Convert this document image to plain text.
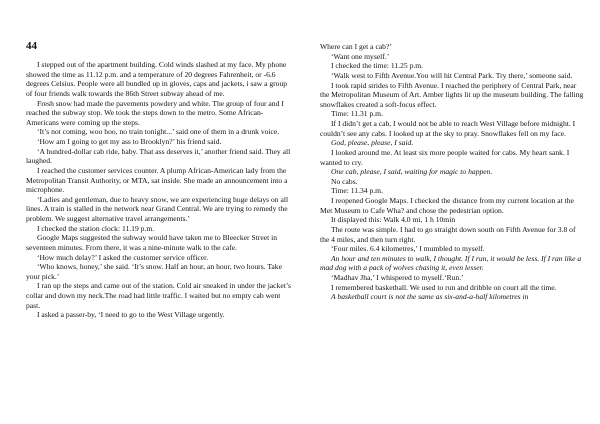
44

I stepped out of the apartment building. Cold winds slashed at my face. My phone showed the time as 11.12 p.m. and a temperature of 20 degrees Fahrenheit, or -6.6 degrees Celsius. People were all bundled up in gloves, caps and jackets, i saw a group of four friends walk towards the 86th Street subway ahead of me.

Fresh snow had made the pavements powdery and white. The group of four and I reached the subway stop. We took the steps down to the metro. Some African-Americans were coming up the steps.

‘It’s not coming, woo hoo, no train tonight...’ said one of them in a drunk voice.

‘How am I going to get my ass to Brooklyn?’ his friend said.

‘A hundred-dollar cab ride, baby. That ass deserves it,’ another friend said. They all laughed.

I reached the customer services counter. A plump African-American lady from the Metropolitan Transit Authority, or MTA, sat inside. She made an announcement into a microphone.

‘Ladies and gentleman, due to heavy snow, we are experiencing huge delays on all lines. A train is stalled in the network near Grand Central. We are trying to remedy the problem. We suggest alternative travel arrangements.’

I checked the station clock: 11.19 p.m.

Google Maps suggested the subway would have taken me to Bleecker Street in seventeen minutes. From there, it was a nine-minute walk to the cafe.

‘How much delay?’ I asked the customer service officer.

‘Who knows, honey,’ she said. ‘It’s snow. Half an hour, an hour, two hours. Take your pick.’

I ran up the steps and came out of the station. Cold air sneaked in under the jacket’s collar and down my neck.The road had little traffic. I waited but no empty cab went past.

I asked a passer-by, ‘I need to go to the West Village urgently.

Where can I get a cab?’

‘Want one myself.’

I checked the time: 11.25 p.m.

‘Walk west to Fifth Avenue.You will hit Central Park. Try there,’ someone said.

I took rapid strides to Fifth Avenue. I reached the periphery of Central Park, near the Metropolitan Museum of Art. Amber lights lit up the museum building. The falling snowflakes created a soft-focus effect.

Time: 11.31 p.m.

If I didn’t get a cab, I would not be able to reach West Village before midnight. I couldn’t see any cabs. I looked up at the sky to pray. Snowflakes fell on my face.

God, please, please, I said.

I looked around me. At least six more people waited for cabs. My heart sank. I wanted to cry.

One cab, please, I said, waiting for magic to happen.

No cabs.

Time: 11.34 p.m.

I reopened Google Maps. I checked the distance from my current location at the Met Museum to Cafe Wha? and chose the pedestrian option.

It displayed this: Walk 4.0 mi, 1 h 10min

The route was simple. I had to go straight down south on Fifth Avenue for 3.8 of the 4 miles, and then turn right.

‘Four miles. 6.4 kilometres,’ I mumbled to myself.

An hour and ten minutes to walk, I thought. If I run, it would be less. If I ran like a mad dog with a pack of wolves chasing it, even lesser.

‘Madhav Jha,’ I whispered to myself.‘Run.’

I remembered basketball. We used to run and dribble on court all the time.

A basketball court is not the same as six-and-a-half kilometres in
